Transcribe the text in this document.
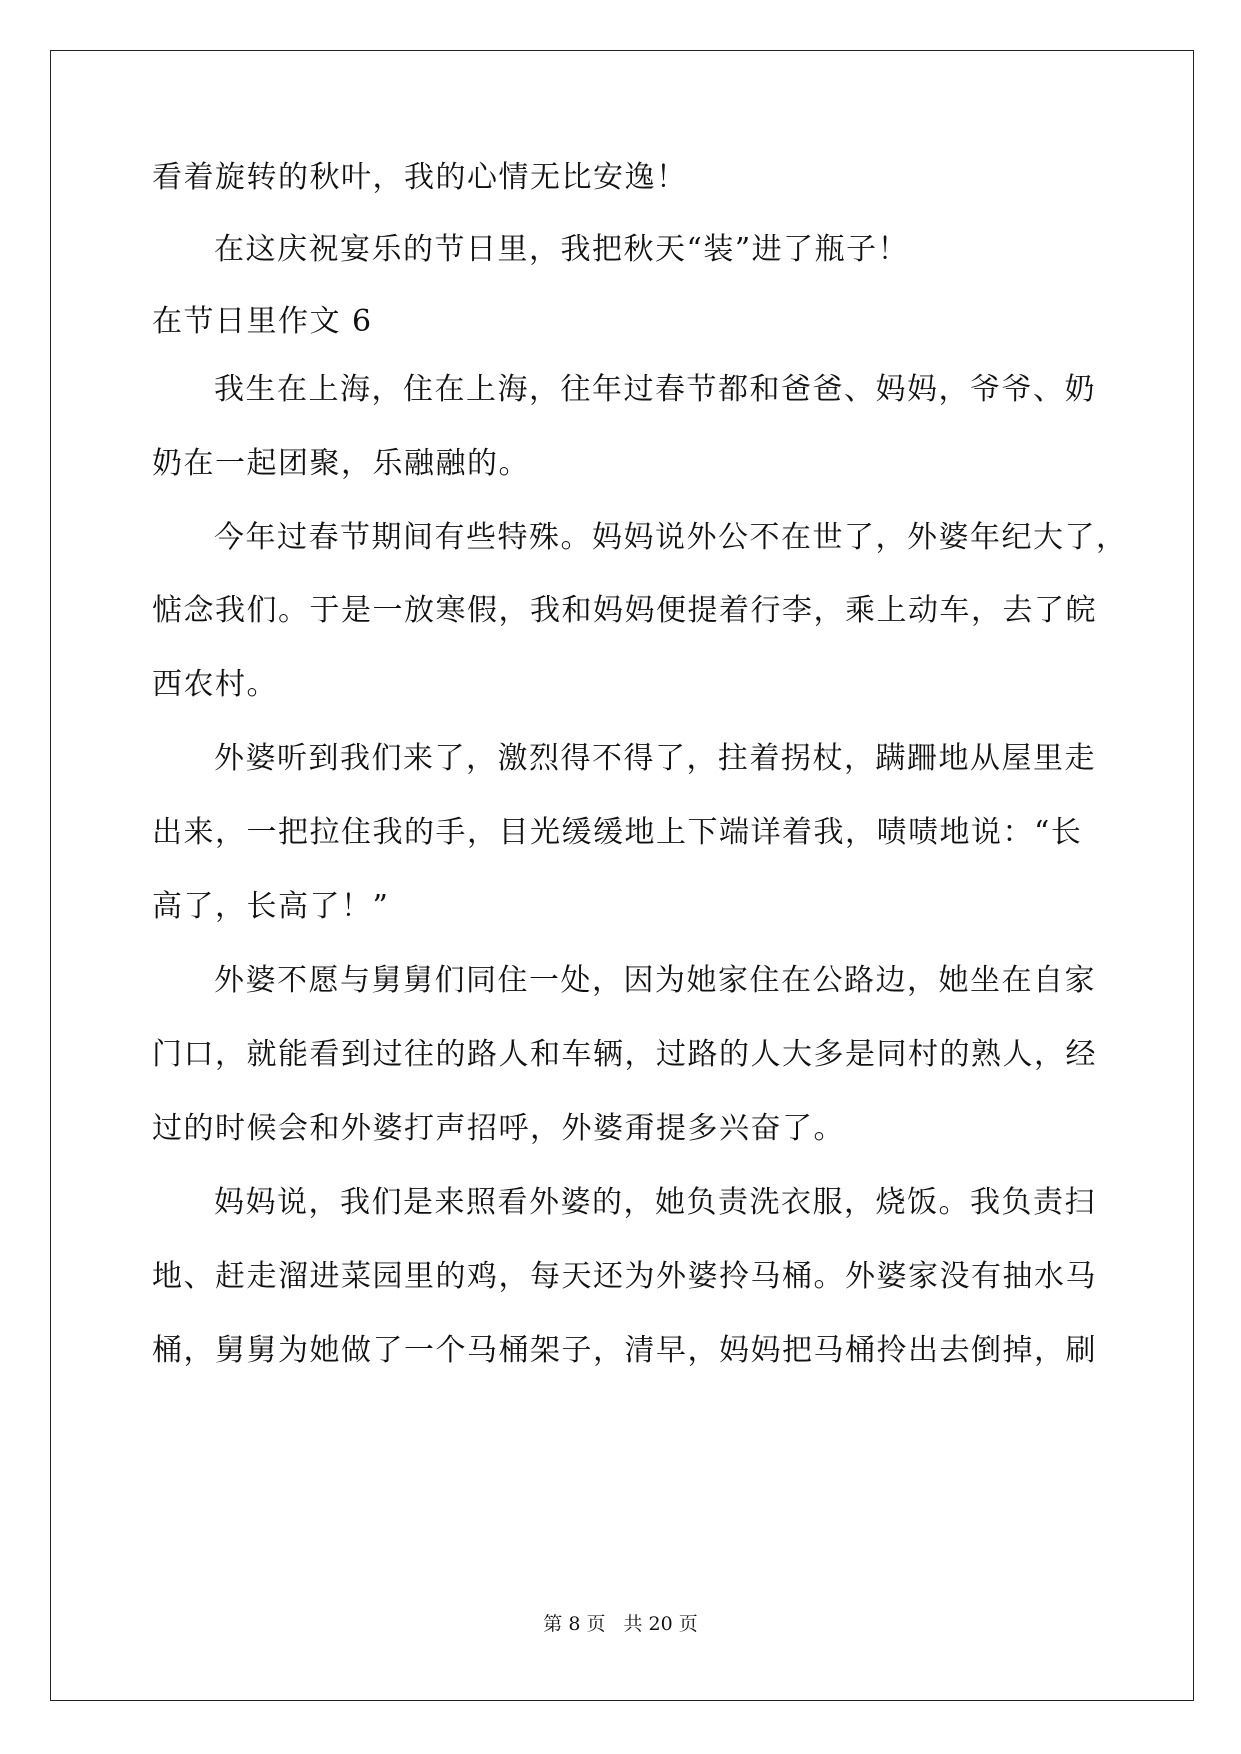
看着旋转的秋叶，我的心情无比安逸！
在这庆祝宴乐的节日里，我把秋天“装”进了瓶子！
在节日里作文 6
我生在上海，住在上海，往年过春节都和爸爸、妈妈，爷爷、奶
奶在一起团聚，乐融融的。
今年过春节期间有些特殊。妈妈说外公不在世了，外婆年纪大了，
惦念我们。于是一放寒假，我和妈妈便提着行李，乘上动车，去了皖
西农村。
外婆听到我们来了，激烈得不得了，拄着拐杖，蹒跚地从屋里走
出来，一把拉住我的手，目光缓缓地上下端详着我，啧啧地说：“长
高了，长高了！”
外婆不愿与舅舅们同住一处，因为她家住在公路边，她坐在自家
门口，就能看到过往的路人和车辆，过路的人大多是同村的熟人，经
过的时候会和外婆打声招呼，外婆甭提多兴奋了。
妈妈说，我们是来照看外婆的，她负责洗衣服，烧饭。我负责扫
地、赶走溜进菜园里的鸡，每天还为外婆拎马桶。外婆家没有抽水马
桶，舅舅为她做了一个马桶架子，清早，妈妈把马桶拎出去倒掉，刷
第 8 页 共 20 页
